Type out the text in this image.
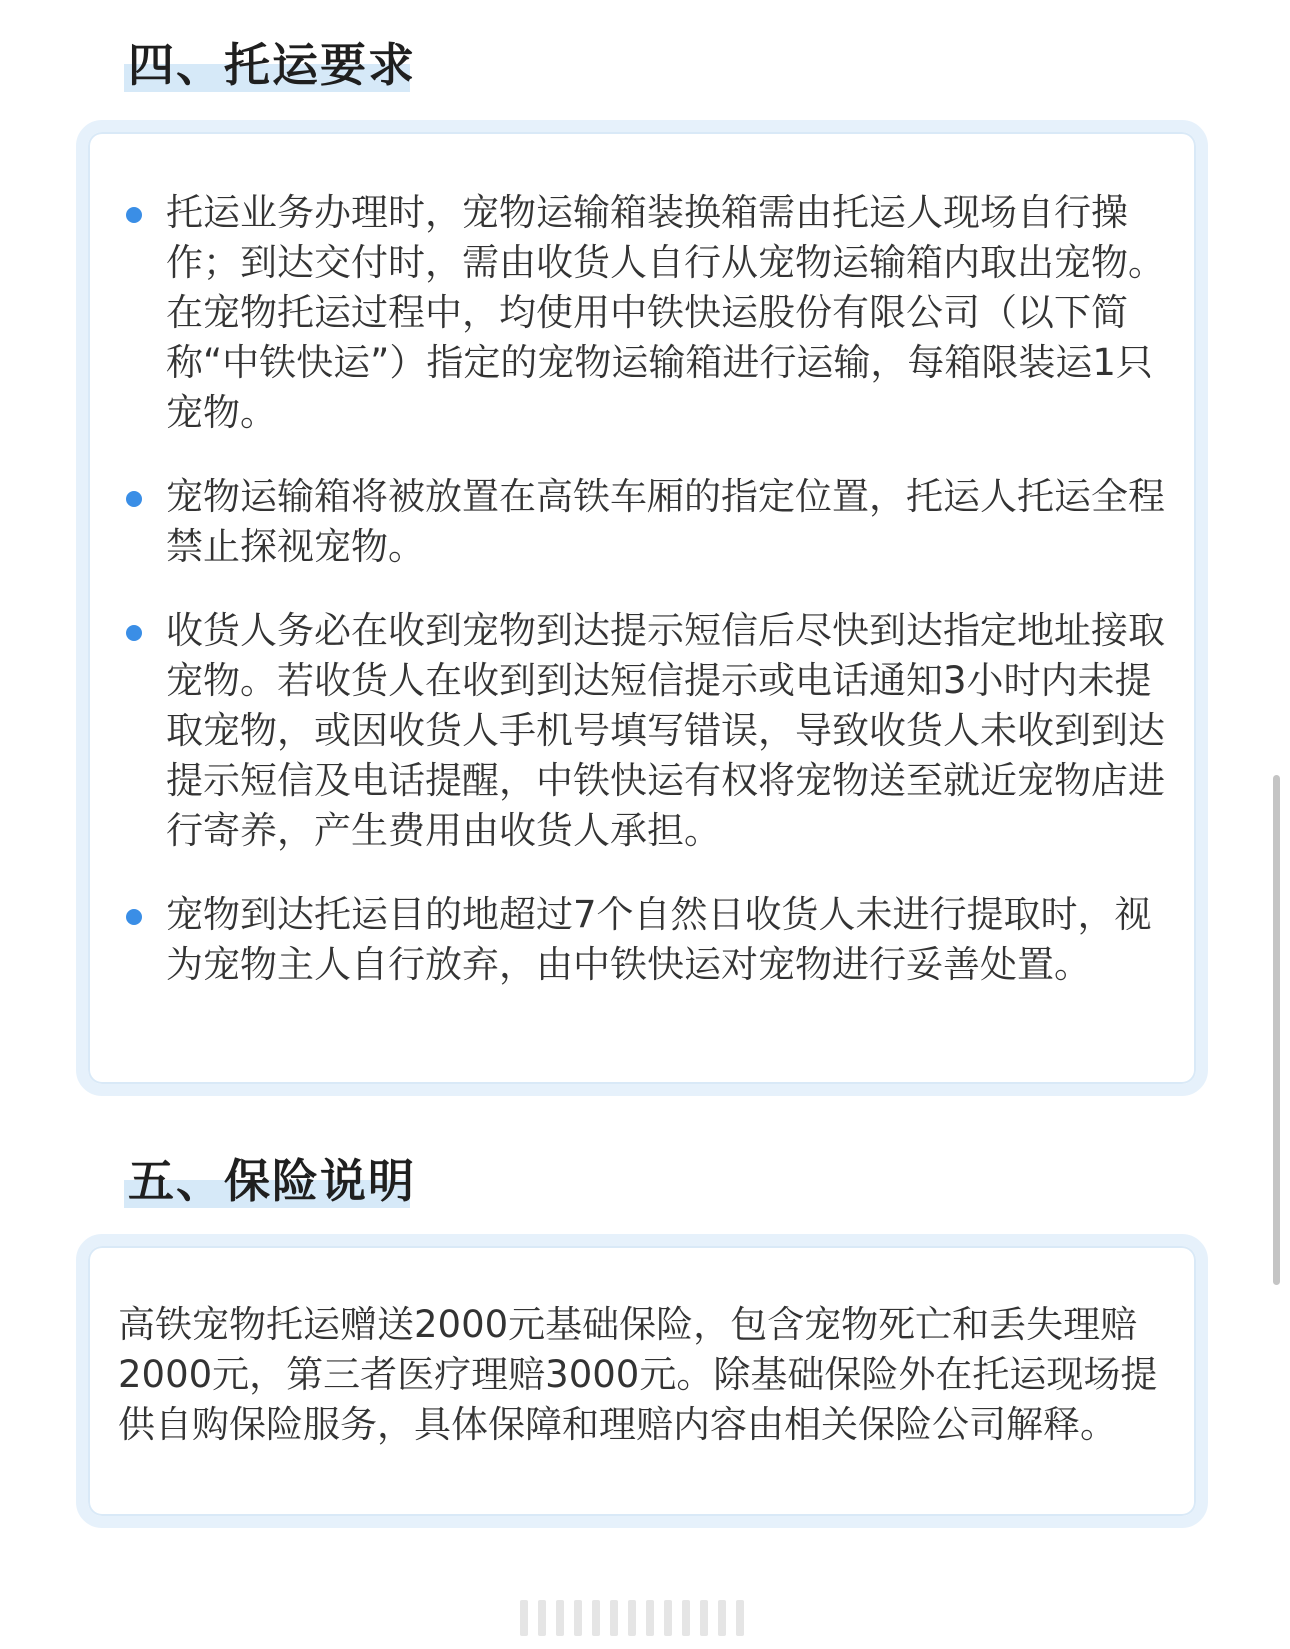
四、托运要求
托运业务办理时，宠物运输箱装换箱需由托运人现场自行操作；到达交付时，需由收货人自行从宠物运输箱内取出宠物。在宠物托运过程中，均使用中铁快运股份有限公司（以下简称“中铁快运”）指定的宠物运输箱进行运输，每箱限装运1只宠物。
宠物运输箱将被放置在高铁车厢的指定位置，托运人托运全程禁止探视宠物。
收货人务必在收到宠物到达提示短信后尽快到达指定地址接取宠物。若收货人在收到到达短信提示或电话通知3小时内未提取宠物，或因收货人手机号填写错误，导致收货人未收到到达提示短信及电话提醒，中铁快运有权将宠物送至就近宠物店进行寄养，产生费用由收货人承担。
宠物到达托运目的地超过7个自然日收货人未进行提取时，视为宠物主人自行放弃，由中铁快运对宠物进行妥善处置。
五、保险说明
高铁宠物托运赠送2000元基础保险，包含宠物死亡和丢失理赔2000元，第三者医疗理赔3000元。除基础保险外在托运现场提供自购保险服务，具体保障和理赔内容由相关保险公司解释。
